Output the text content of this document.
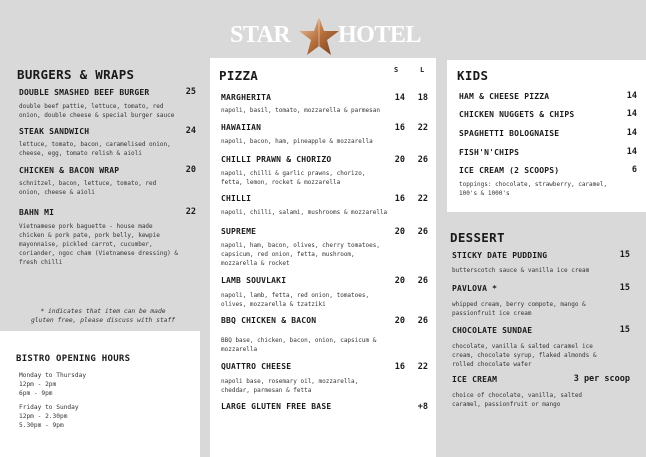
STAR HOTEL
BURGERS & WRAPS
* indicates that item can be made
gluten free, please discuss with staff
BISTRO OPENING HOURS
Monday to Thursday
12pm - 2pm
6pm - 9pm
Friday to Sunday
12pm - 2.30pm
5.30pm - 9pm
PIZZA	S	L	KIDS
DESSERT
DOUBLE SMASHED BEEF BURGER	25
double beef pattie, lettuce, tomato, red
onion, double cheese & special burger sauce
STEAK SANDWICH	24
lettuce, tomato, bacon, caramelised onion,
cheese, egg, tomato relish & aioli
CHICKEN & BACON WRAP	20
schnitzel, bacon, lettuce, tomato, red
onion, cheese & aioli
BAHN MI	22
Vietnamese pork baguette - house made
chicken & pork pate, pork belly, kewpie
mayonnaise, pickled carrot, cucumber,
coriander, ngoc cham (Vietnamese dressing) &
fresh chilli
HAM & CHEESE PIZZA	14
CHICKEN NUGGETS & CHIPS	14
SPAGHETTI BOLOGNAISE	14
FISH'N'CHIPS	14
ICE CREAM (2 SCOOPS)	6
toppings: chocolate, strawberry, caramel,
100's & 1000's
STICKY DATE PUDDING	15
butterscotch sauce & vanilla ice cream
PAVLOVA *	15
whipped cream, berry compote, mango &
passionfruit ice cream
CHOCOLATE SUNDAE	15
chocolate, vanilla & salted caramel ice
cream, chocolate syrup, flaked almonds &
rolled chocolate wafer
ICE CREAM	3 per scoop
choice of chocolate, vanilla, salted
caramel, passionfruit or mango
MARGHERITA	14 18
napoli, basil, tomato, mozzarella & parmesan
HAWAIIAN	16 22
napoli, bacon, ham, pineapple & mozzarella
CHILLI PRAWN & CHORIZO	20 26
napoli, chilli & garlic prawns, chorizo,
fetta, lemon, rocket & mozzarella
CHILLI	16 22
napoli, chilli, salami, mushrooms & mozzarella
SUPREME	20 26
napoli, ham, bacon, olives, cherry tomatoes,
capsicum, red onion, fetta, mushroom,
mozzarella & rocket
LAMB SOUVLAKI	20 26
napoli, lamb, fetta, red onion, tomatoes,
olives, mozzarella & tzatziki
BBQ CHICKEN & BACON	20 26
BBQ base, chicken, bacon, onion, capsicum &
mozzarella
QUATTRO CHEESE	16 22
napoli base, rosemary oil, mozzarella,
cheddar, parmesan & fetta
LARGE GLUTEN FREE BASE	+8
